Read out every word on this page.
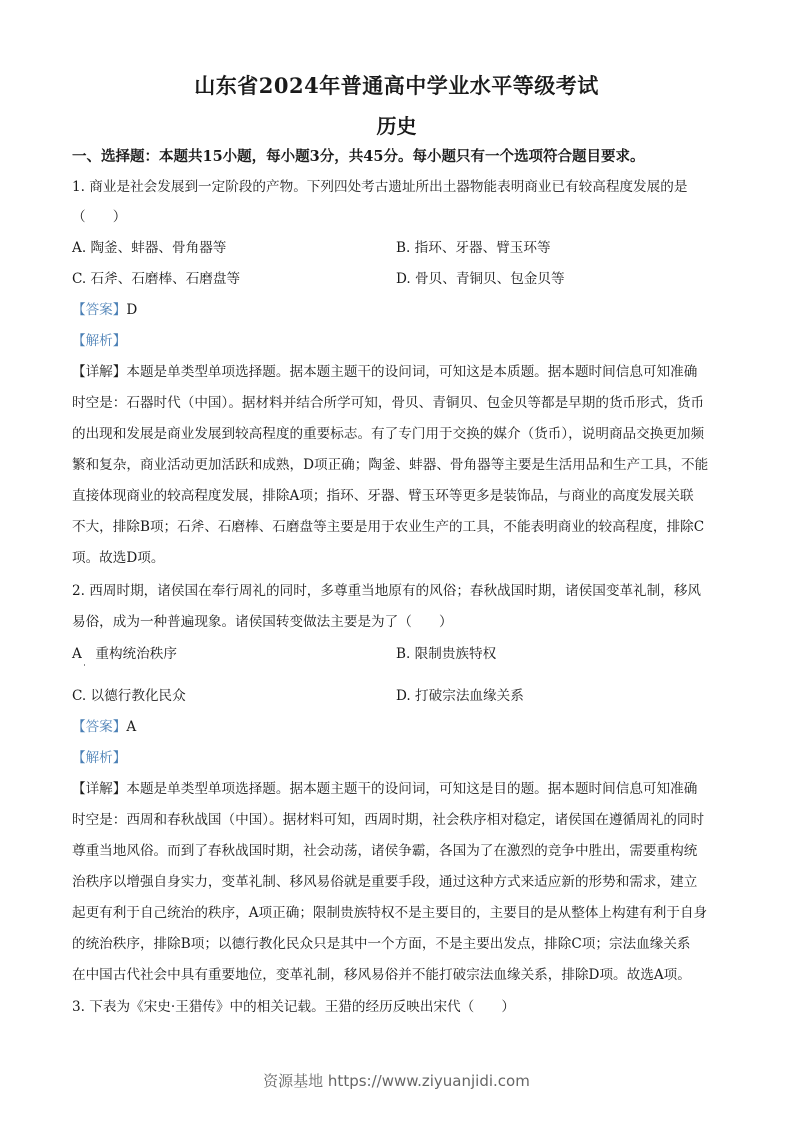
山东省2024年普通高中学业水平等级考试
历史
一、选择题：本题共15小题，每小题3分，共45分。每小题只有一个选项符合题目要求。
1. 商业是社会发展到一定阶段的产物。下列四处考古遗址所出土器物能表明商业已有较高程度发展的是
（　　）
A. 陶釜、蚌器、骨角器等	B. 指环、牙器、臂玉环等
C. 石斧、石磨棒、石磨盘等	D. 骨贝、青铜贝、包金贝等
【答案】D
【解析】
【详解】本题是单类型单项选择题。据本题主题干的设问词，可知这是本质题。据本题时间信息可知准确
时空是：石器时代（中国）。据材料并结合所学可知，骨贝、青铜贝、包金贝等都是早期的货币形式，货币
的出现和发展是商业发展到较高程度的重要标志。有了专门用于交换的媒介（货币），说明商品交换更加频
繁和复杂，商业活动更加活跃和成熟，D项正确；陶釜、蚌器、骨角器等主要是生活用品和生产工具，不能
直接体现商业的较高程度发展，排除A项；指环、牙器、臂玉环等更多是装饰品，与商业的高度发展关联
不大，排除B项；石斧、石磨棒、石磨盘等主要是用于农业生产的工具，不能表明商业的较高程度，排除C
项。故选D项。
2. 西周时期，诸侯国在奉行周礼的同时，多尊重当地原有的风俗；春秋战国时期，诸侯国变革礼制，移风
易俗，成为一种普遍现象。诸侯国转变做法主要是为了（　　）
A　重构统治秩序	B. 限制贵族特权
C. 以德行教化民众	D. 打破宗法血缘关系
【答案】A
【解析】
【详解】本题是单类型单项选择题。据本题主题干的设问词，可知这是目的题。据本题时间信息可知准确
时空是：西周和春秋战国（中国）。据材料可知，西周时期，社会秩序相对稳定，诸侯国在遵循周礼的同时
尊重当地风俗。而到了春秋战国时期，社会动荡，诸侯争霸，各国为了在激烈的竞争中胜出，需要重构统
治秩序以增强自身实力，变革礼制、移风易俗就是重要手段，通过这种方式来适应新的形势和需求，建立
起更有利于自己统治的秩序，A项正确；限制贵族特权不是主要目的，主要目的是从整体上构建有利于自身
的统治秩序，排除B项；以德行教化民众只是其中一个方面，不是主要出发点，排除C项；宗法血缘关系
在中国古代社会中具有重要地位，变革礼制，移风易俗并不能打破宗法血缘关系，排除D项。故选A项。
3. 下表为《宋史·王猎传》中的相关记载。王猎的经历反映出宋代（　　）
资源基地 https://www.ziyuanjidi.com
